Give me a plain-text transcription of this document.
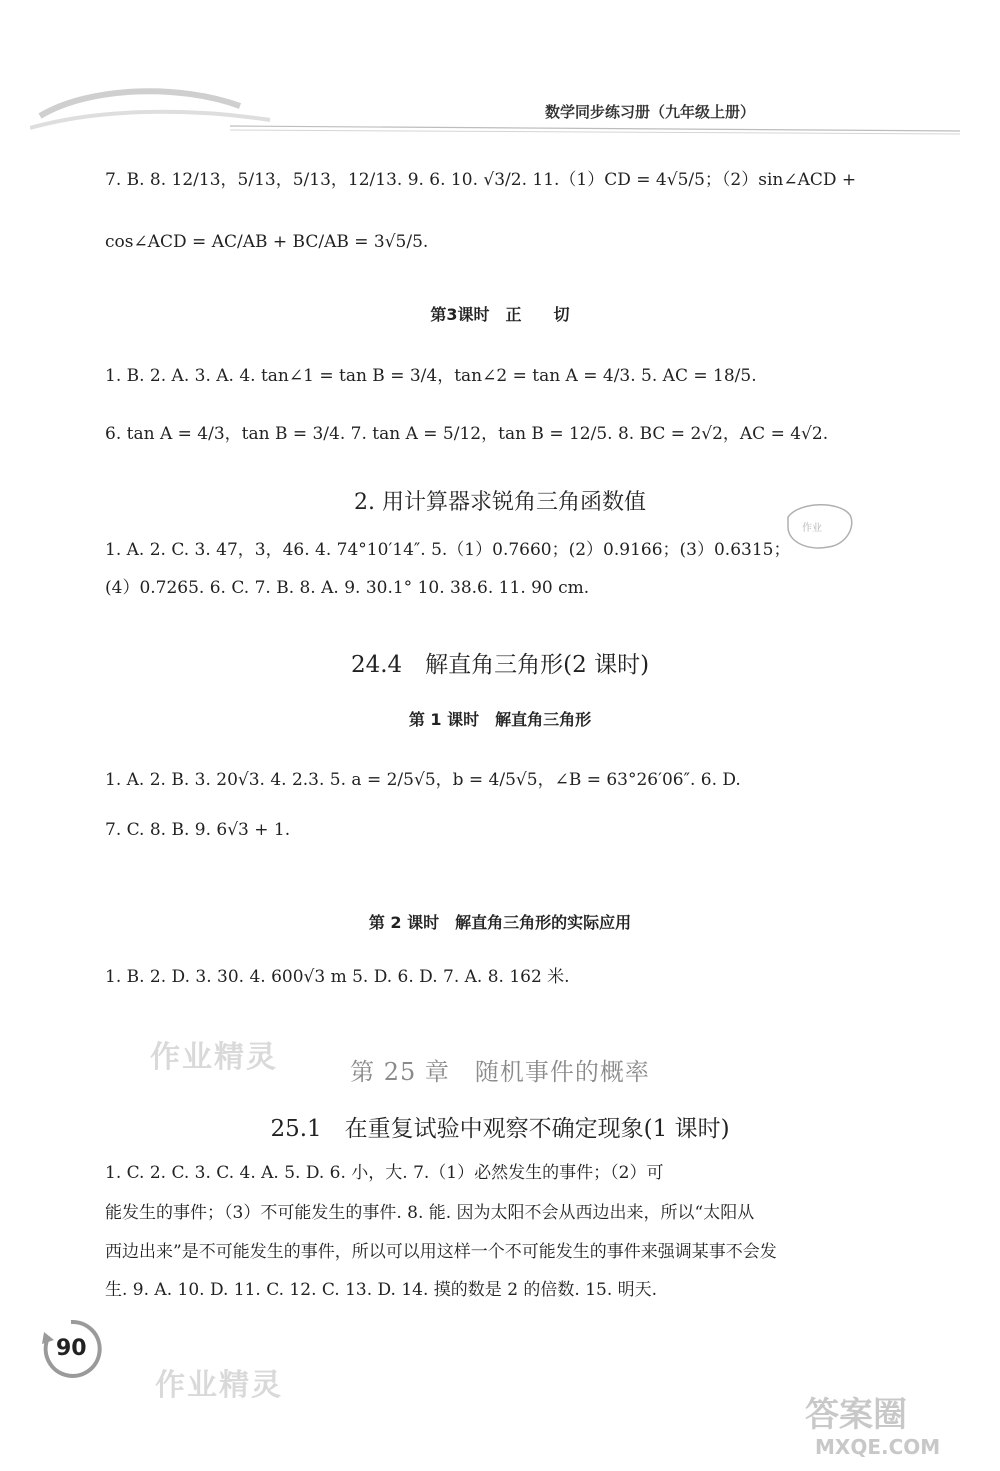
数学同步练习册（九年级上册）
7. B. 8. 12/13，5/13，5/13，12/13. 9. 6. 10. √3/2. 11.（1）CD = 4√5/5；（2）sin∠ACD +
cos∠ACD = AC/AB + BC/AB = 3√5/5.
第3课时　正　　切
1. B. 2. A. 3. A. 4. tan∠1 = tan B = 3/4，tan∠2 = tan A = 4/3. 5. AC = 18/5.
6. tan A = 4/3，tan B = 3/4. 7. tan A = 5/12，tan B = 12/5. 8. BC = 2√2，AC = 4√2.
2. 用计算器求锐角三角函数值
作业
1. A. 2. C. 3. 47，3，46. 4. 74°10′14″. 5.（1）0.7660；(2）0.9166；(3）0.6315；
(4）0.7265. 6. C. 7. B. 8. A. 9. 30.1° 10. 38.6. 11. 90 cm.
24.4　解直角三角形(2 课时)
第 1 课时　解直角三角形
1. A. 2. B. 3. 20√3. 4. 2.3. 5. a = 2/5√5，b = 4/5√5，∠B = 63°26′06″. 6. D.
7. C. 8. B. 9. 6√3 + 1.
第 2 课时　解直角三角形的实际应用
1. B. 2. D. 3. 30. 4. 600√3 m 5. D. 6. D. 7. A. 8. 162 米.
作业精灵	第 25 章　随机事件的概率
25.1　在重复试验中观察不确定现象(1 课时)
1. C. 2. C. 3. C. 4. A. 5. D. 6. 小，大. 7.（1）必然发生的事件；（2）可
能发生的事件；（3）不可能发生的事件. 8. 能. 因为太阳不会从西边出来，所以“太阳从
西边出来”是不可能发生的事件，所以可以用这样一个不可能发生的事件来强调某事不会发
生. 9. A. 10. D. 11. C. 12. C. 13. D. 14. 摸的数是 2 的倍数. 15. 明天.
90
作业精灵
答案圈
MXQE.COM
